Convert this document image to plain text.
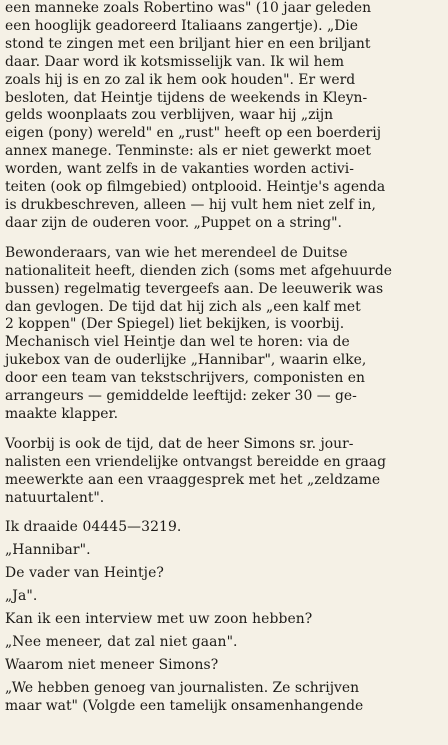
een manneke zoals Robertino was" (10 jaar geleden
een hooglijk geadoreerd Italiaans zangertje). „Die
stond te zingen met een briljant hier en een briljant
daar. Daar word ik kotsmisselijk van. Ik wil hem
zoals hij is en zo zal ik hem ook houden". Er werd
besloten, dat Heintje tijdens de weekends in Kleyn-
gelds woonplaats zou verblijven, waar hij „zijn
eigen (pony) wereld" en „rust" heeft op een boerderij
annex manege. Tenminste: als er niet gewerkt moet
worden, want zelfs in de vakanties worden activi-
teiten (ook op filmgebied) ontplooid. Heintje's agenda
is drukbeschreven, alleen — hij vult hem niet zelf in,
daar zijn de ouderen voor. „Puppet on a string".
Bewonderaars, van wie het merendeel de Duitse
nationaliteit heeft, dienden zich (soms met afgehuurde
bussen) regelmatig tevergeefs aan. De leeuwerik was
dan gevlogen. De tijd dat hij zich als „een kalf met
2 koppen" (Der Spiegel) liet bekijken, is voorbij.
Mechanisch viel Heintje dan wel te horen: via de
jukebox van de ouderlijke „Hannibar", waarin elke,
door een team van tekstschrijvers, componisten en
arrangeurs — gemiddelde leeftijd: zeker 30 — ge-
maakte klapper.
Voorbij is ook de tijd, dat de heer Simons sr. jour-
nalisten een vriendelijke ontvangst bereidde en graag
meewerkte aan een vraaggesprek met het „zeldzame
natuurtalent".
Ik draaide 04445—3219.
„Hannibar".
De vader van Heintje?
„Ja".
Kan ik een interview met uw zoon hebben?
„Nee meneer, dat zal niet gaan".
Waarom niet meneer Simons?
„We hebben genoeg van journalisten. Ze schrijven
maar wat" (Volgde een tamelijk onsamenhangende
